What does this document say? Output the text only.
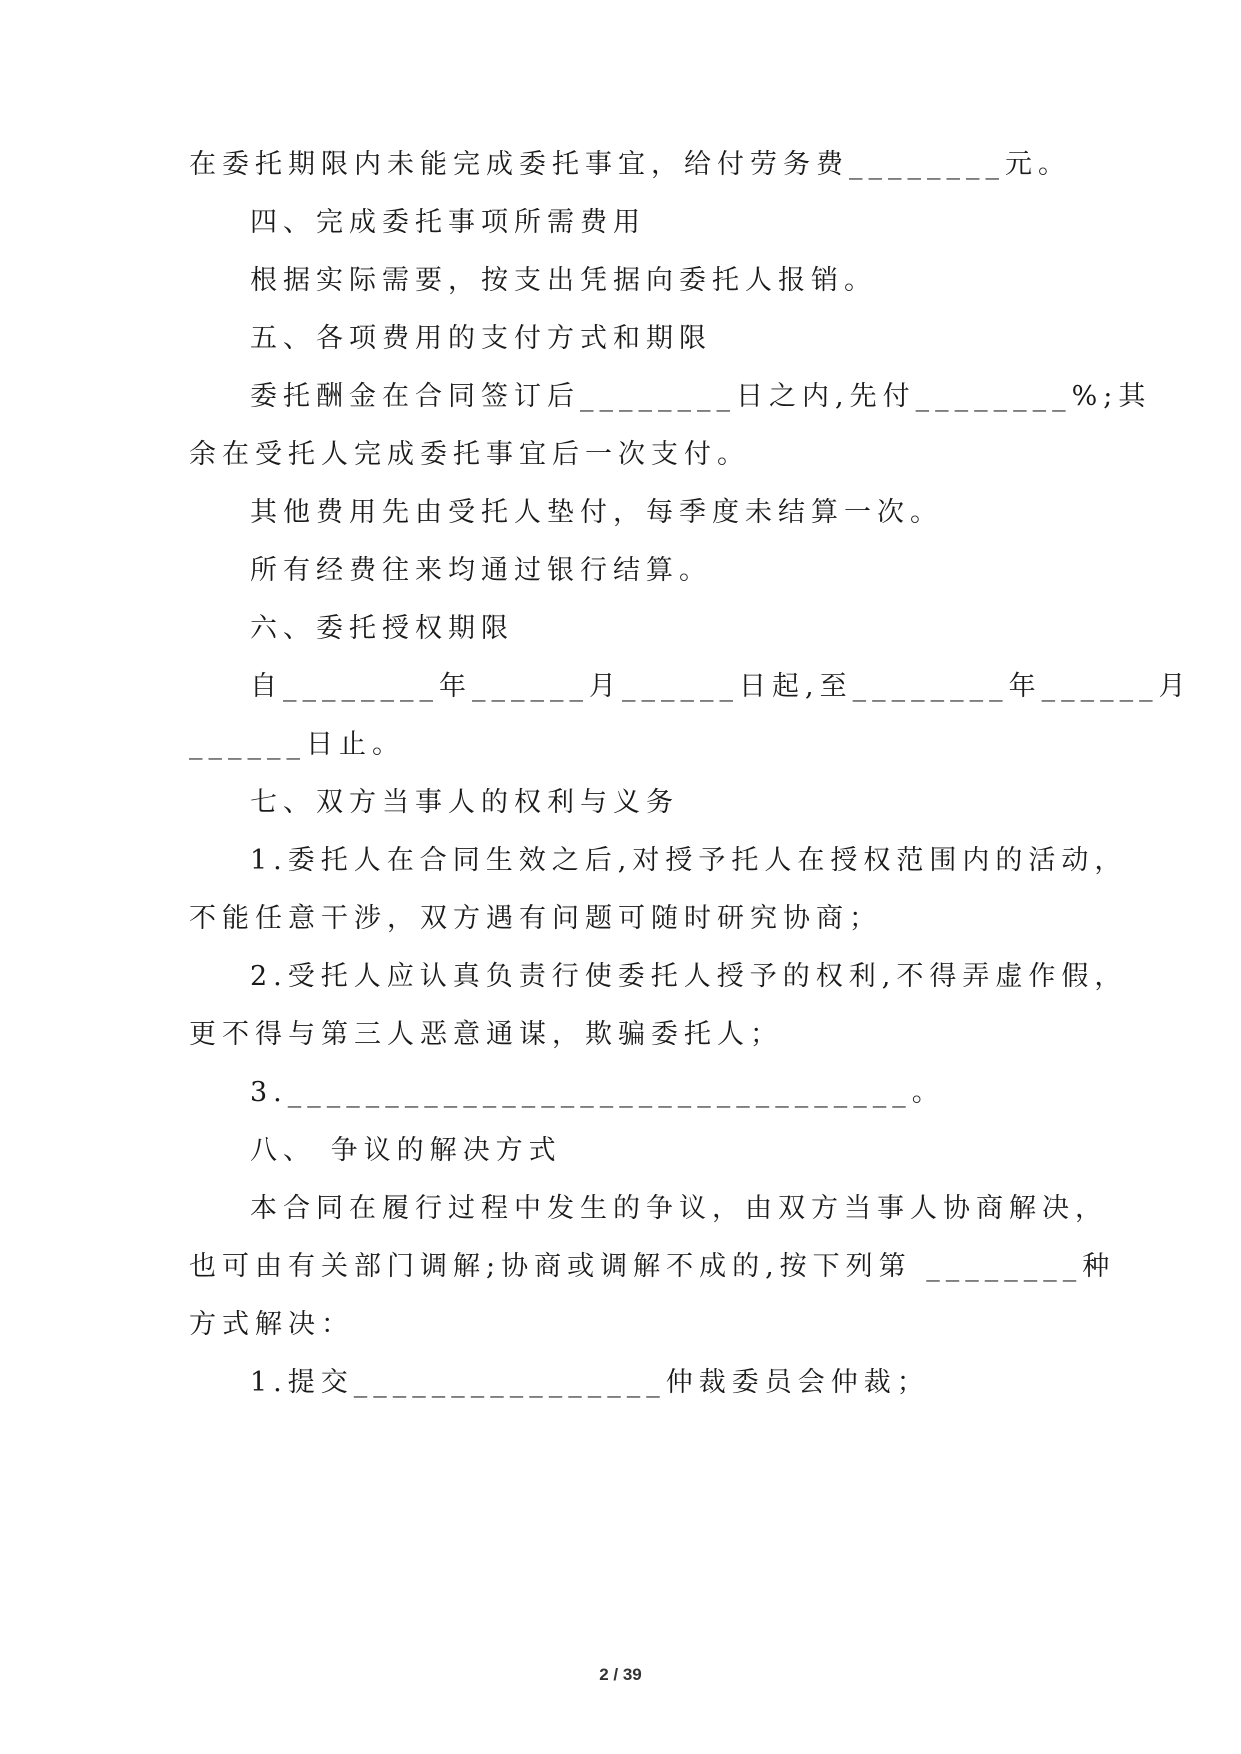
在委托期限内未能完成委托事宜，给付劳务费________元。
四、完成委托事项所需费用
根据实际需要，按支出凭据向委托人报销。
五、各项费用的支付方式和期限
委托酬金在合同签订后________日之内,先付________%;其
余在受托人完成委托事宜后一次支付。
其他费用先由受托人垫付，每季度未结算一次。
所有经费往来均通过银行结算。
六、委托授权期限
自________年______月______日起,至________年______月
______日止。
七、双方当事人的权利与义务
1.委托人在合同生效之后,对授予托人在授权范围内的活动，
不能任意干涉，双方遇有问题可随时研究协商；
2.受托人应认真负责行使委托人授予的权利,不得弄虚作假，
更不得与第三人恶意通谋，欺骗委托人；
3.________________________________。
八、 争议的解决方式
本合同在履行过程中发生的争议，由双方当事人协商解决，
也可由有关部门调解;协商或调解不成的,按下列第 ________种
方式解决：
1.提交________________仲裁委员会仲裁；
2 / 39
